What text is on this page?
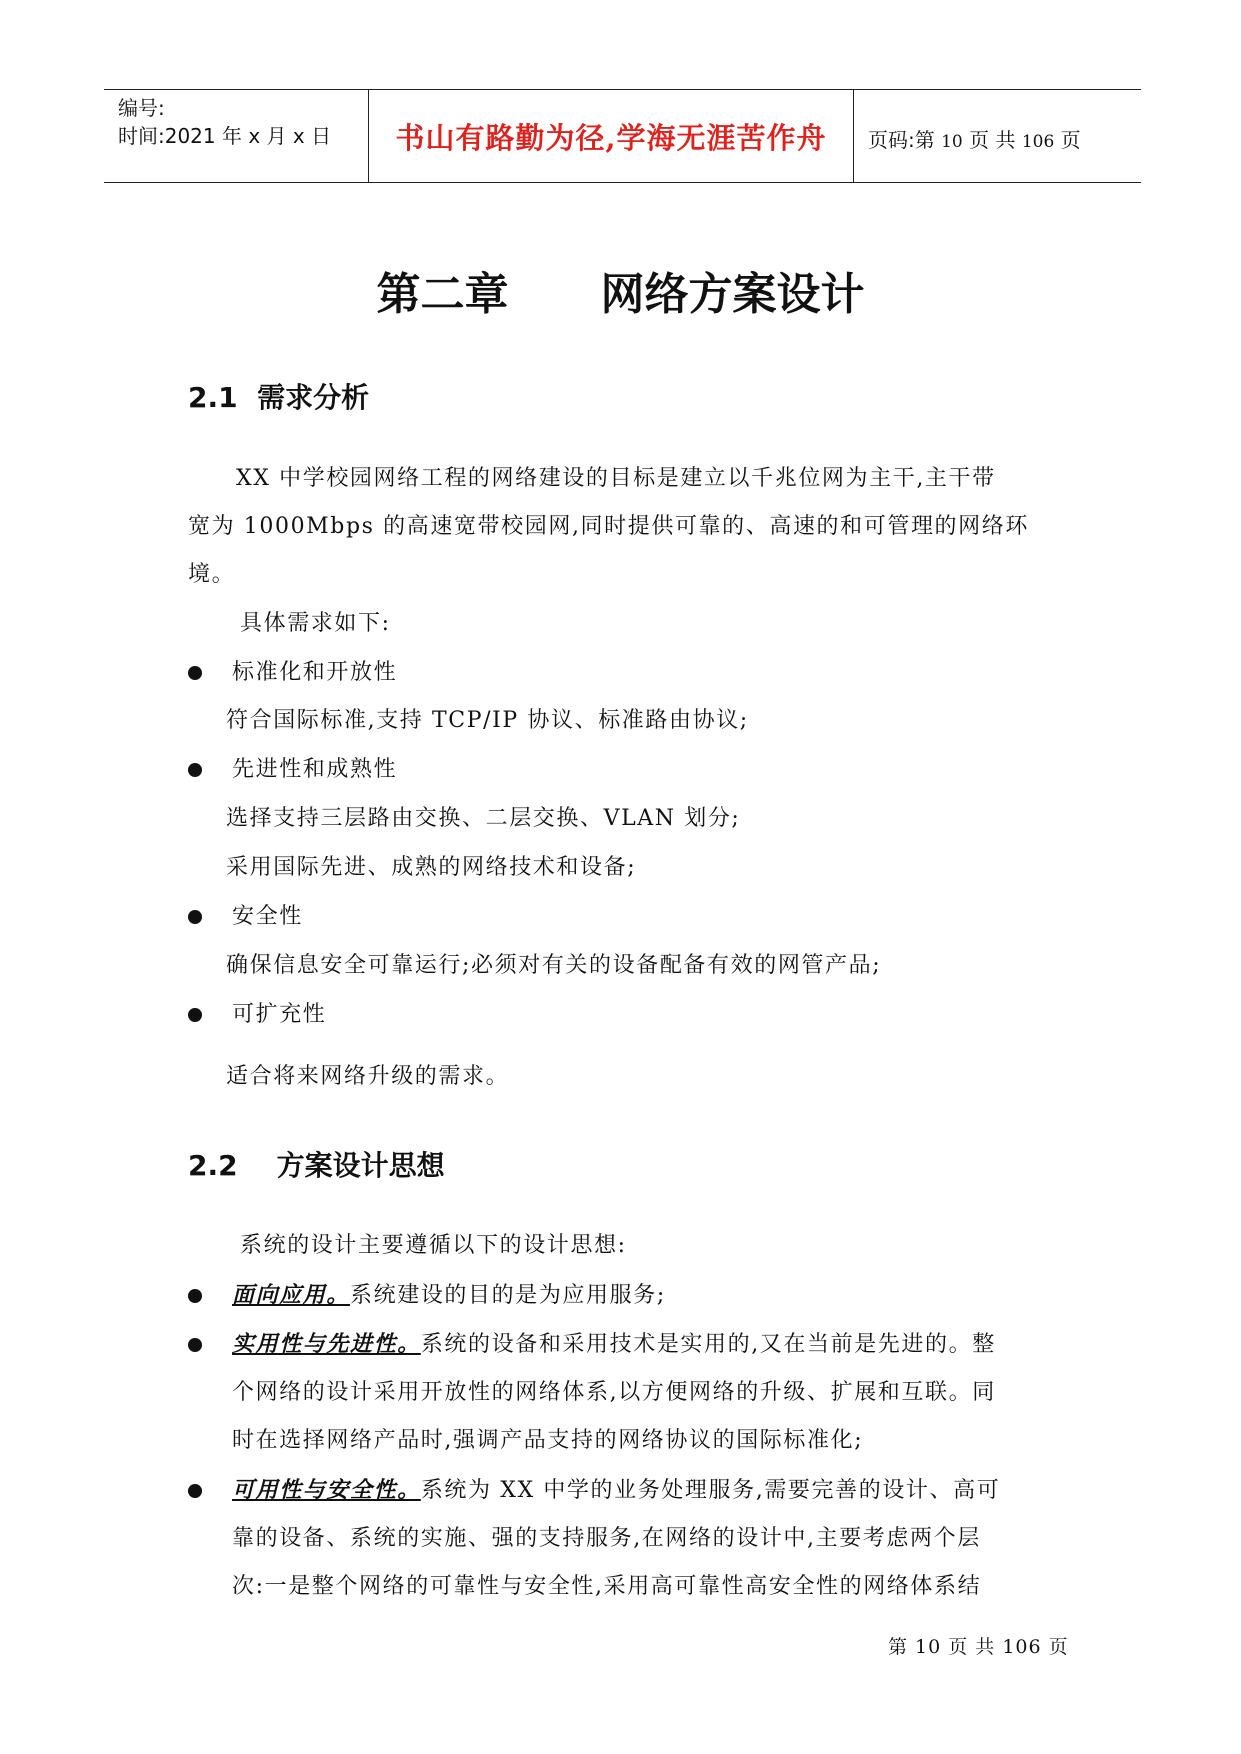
编号:
时间:2021 年 x 月 x 日	书山有路勤为径,学海无涯苦作舟	页码:第 10 页 共 106 页
第二章      网络方案设计
2.1  需求分析
XX 中学校园网络工程的网络建设的目标是建立以千兆位网为主干,主干带
宽为 1000Mbps 的高速宽带校园网,同时提供可靠的、高速的和可管理的网络环
境。
具体需求如下:
标准化和开放性
符合国际标准,支持 TCP/IP 协议、标准路由协议;
先进性和成熟性
选择支持三层路由交换、二层交换、VLAN 划分;
采用国际先进、成熟的网络技术和设备;
安全性
确保信息安全可靠运行;必须对有关的设备配备有效的网管产品;
可扩充性
适合将来网络升级的需求。
2.2    方案设计思想
系统的设计主要遵循以下的设计思想:
面向应用。系统建设的目的是为应用服务;
实用性与先进性。系统的设备和采用技术是实用的,又在当前是先进的。整
个网络的设计采用开放性的网络体系,以方便网络的升级、扩展和互联。同
时在选择网络产品时,强调产品支持的网络协议的国际标准化;
可用性与安全性。系统为 XX 中学的业务处理服务,需要完善的设计、高可
靠的设备、系统的实施、强的支持服务,在网络的设计中,主要考虑两个层
次:一是整个网络的可靠性与安全性,采用高可靠性高安全性的网络体系结
第 10 页 共 106 页
